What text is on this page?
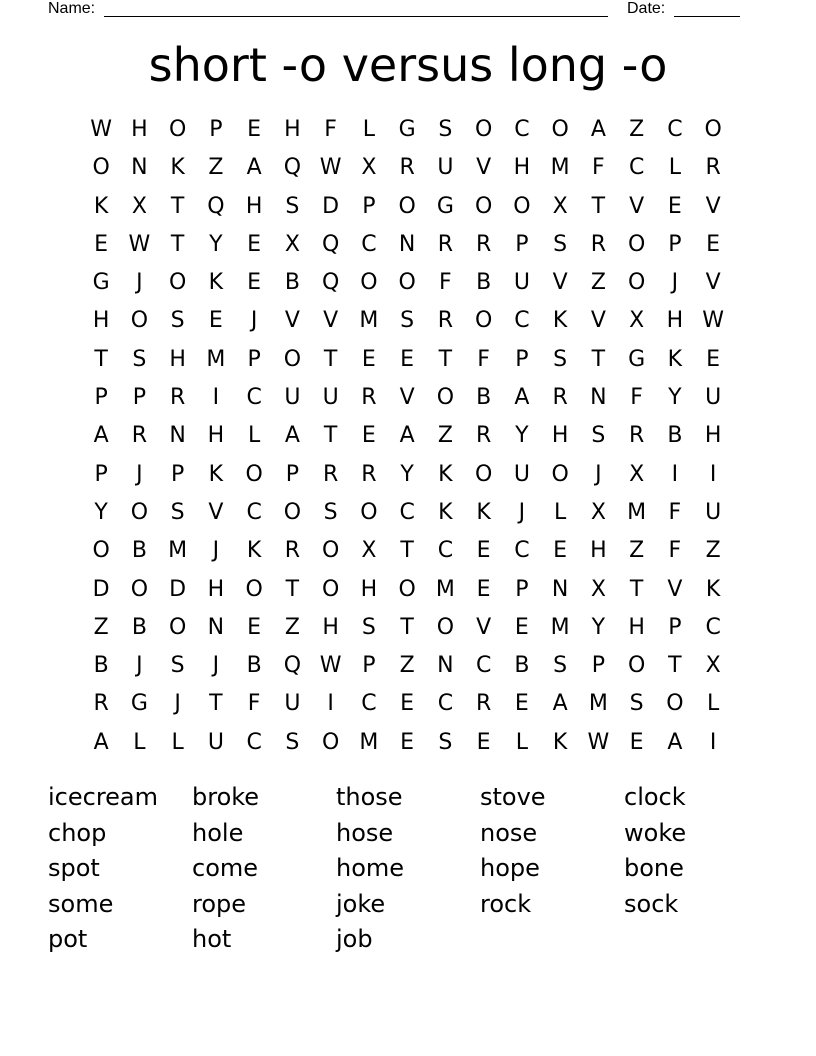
Name:	Date:
short -o versus long -o
W H O	P	E	H	F	L	G	S	O C O	A	Z	C O
O N	K	Z	A	Q W X	R	U	V	H M	F	C	L	R
K	X	T	Q H	S	D	P	O G O O	X	T	V	E	V
E W T	Y	E	X	Q C	N	R	R	P	S	R O	P	E
G	J	O	K	E	B	Q O O	F	B	U	V	Z	O	J	V
H O	S	E	J	V	V M S	R O C	K	V	X	H W
T	S	H M	P	O	T	E	E	T	F	P	S	T	G	K	E
P	P	R	I	C	U	U	R	V	O	B	A	R	N	F	Y	U
A	R	N H	L	A	T	E	A	Z	R	Y	H	S	R	B	H
P	J	P	K	O	P	R	R	Y	K	O U O	J	X	I	I
Y	O	S	V	C O	S	O C	K	K	J	L	X M	F	U
O	B M	J	K	R O	X	T	C	E	C	E	H	Z	F	Z
D O D H O	T	O H O M E	P	N	X	T	V	K
Z	B	O N	E	Z	H	S	T	O	V	E M	Y	H	P	C
B	J	S	J	B	Q W P	Z	N	C	B	S	P	O	T	X
R	G	J	T	F	U	I	C	E	C	R	E	A M S	O	L
A	L	L	U	C	S	O M E	S	E	L	K W E	A	I
icecream	broke	those	stove	clock
chop	hole	hose	nose	woke
spot	come	home	hope	bone
some	rope	joke	rock	sock
pot	hot	job
